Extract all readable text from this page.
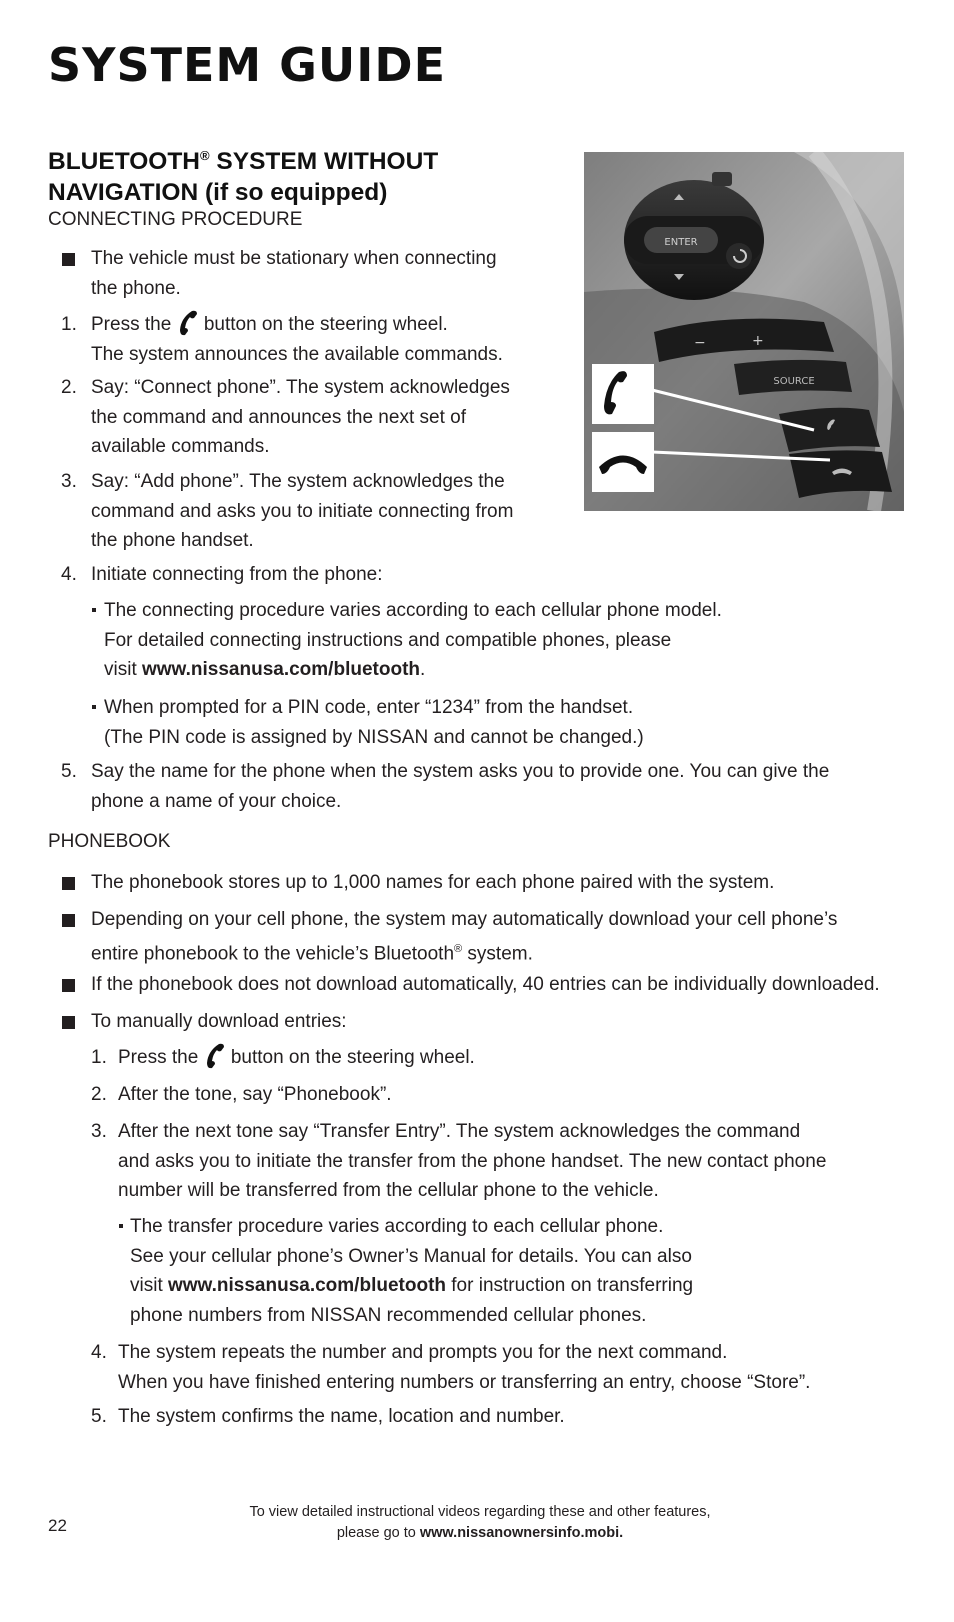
SYSTEM GUIDE
BLUETOOTH® SYSTEM WITHOUT
NAVIGATION (if so equipped)
CONNECTING PROCEDURE
The vehicle must be stationary when connecting
the phone.
1. Press the button on the steering wheel.
The system announces the available commands.
2. Say: “Connect phone”. The system acknowledges
the command and announces the next set of
available commands.
3. Say: “Add phone”. The system acknowledges the
command and asks you to initiate connecting from
the phone handset.
4. Initiate connecting from the phone:
The connecting procedure varies according to each cellular phone model.
For detailed connecting instructions and compatible phones, please
visit www.nissanusa.com/bluetooth.
When prompted for a PIN code, enter “1234” from the handset.
(The PIN code is assigned by NISSAN and cannot be changed.)
5. Say the name for the phone when the system asks you to provide one. You can give the
phone a name of your choice.
PHONEBOOK
The phonebook stores up to 1,000 names for each phone paired with the system.
Depending on your cell phone, the system may automatically download your cell phone’s
entire phonebook to the vehicle’s Bluetooth® system.
If the phonebook does not download automatically, 40 entries can be individually downloaded.
To manually download entries:
1. Press the button on the steering wheel.
2. After the tone, say “Phonebook”.
3. After the next tone say “Transfer Entry”. The system acknowledges the command
and asks you to initiate the transfer from the phone handset. The new contact phone
number will be transferred from the cellular phone to the vehicle.
The transfer procedure varies according to each cellular phone.
See your cellular phone’s Owner’s Manual for details. You can also
visit www.nissanusa.com/bluetooth for instruction on transferring
phone numbers from NISSAN recommended cellular phones.
4. The system repeats the number and prompts you for the next command.
When you have finished entering numbers or transferring an entry, choose “Store”.
5. The system confirms the name, location and number.
ENTER
−	+
SOURCE
To view detailed instructional videos regarding these and other features,
please go to www.nissanownersinfo.mobi.
22
